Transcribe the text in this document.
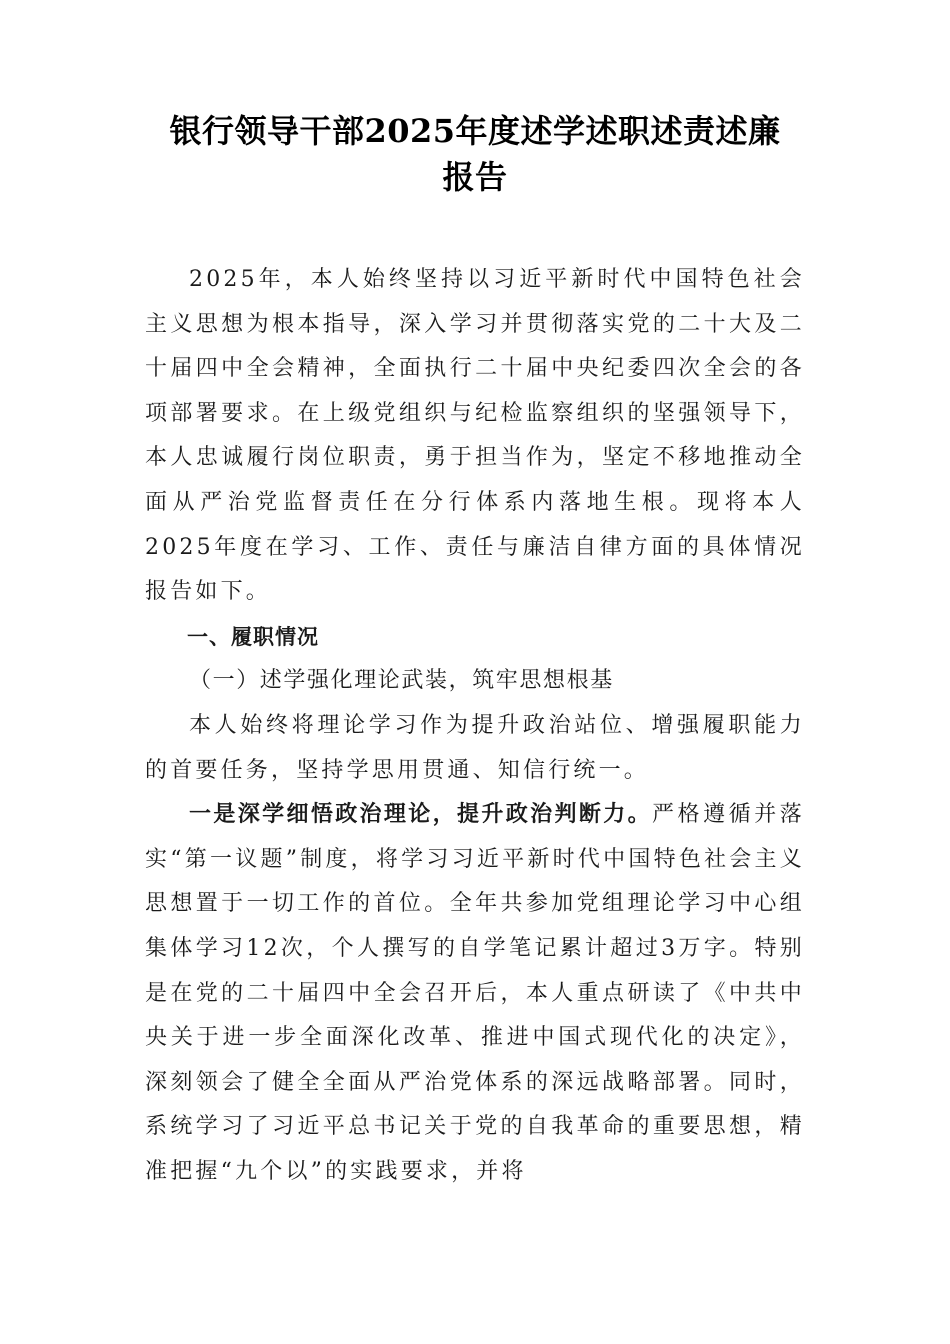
银行领导干部2025年度述学述职述责述廉
报告

2025年，本人始终坚持以习近平新时代中国特色社会主义思想为根本指导，深入学习并贯彻落实党的二十大及二十届四中全会精神，全面执行二十届中央纪委四次全会的各项部署要求。在上级党组织与纪检监察组织的坚强领导下，本人忠诚履行岗位职责，勇于担当作为，坚定不移地推动全面从严治党监督责任在分行体系内落地生根。现将本人2025年度在学习、工作、责任与廉洁自律方面的具体情况报告如下。

一、履职情况

（一）述学强化理论武装，筑牢思想根基

本人始终将理论学习作为提升政治站位、增强履职能力的首要任务，坚持学思用贯通、知信行统一。

一是深学细悟政治理论，提升政治判断力。严格遵循并落实“第一议题”制度，将学习习近平新时代中国特色社会主义思想置于一切工作的首位。全年共参加党组理论学习中心组集体学习12次，个人撰写的自学笔记累计超过3万字。特别是在党的二十届四中全会召开后，本人重点研读了《中共中央关于进一步全面深化改革、推进中国式现代化的决定》，深刻领会了健全全面从严治党体系的深远战略部署。同时，系统学习了习近平总书记关于党的自我革命的重要思想，精准把握“九个以”的实践要求，并将
